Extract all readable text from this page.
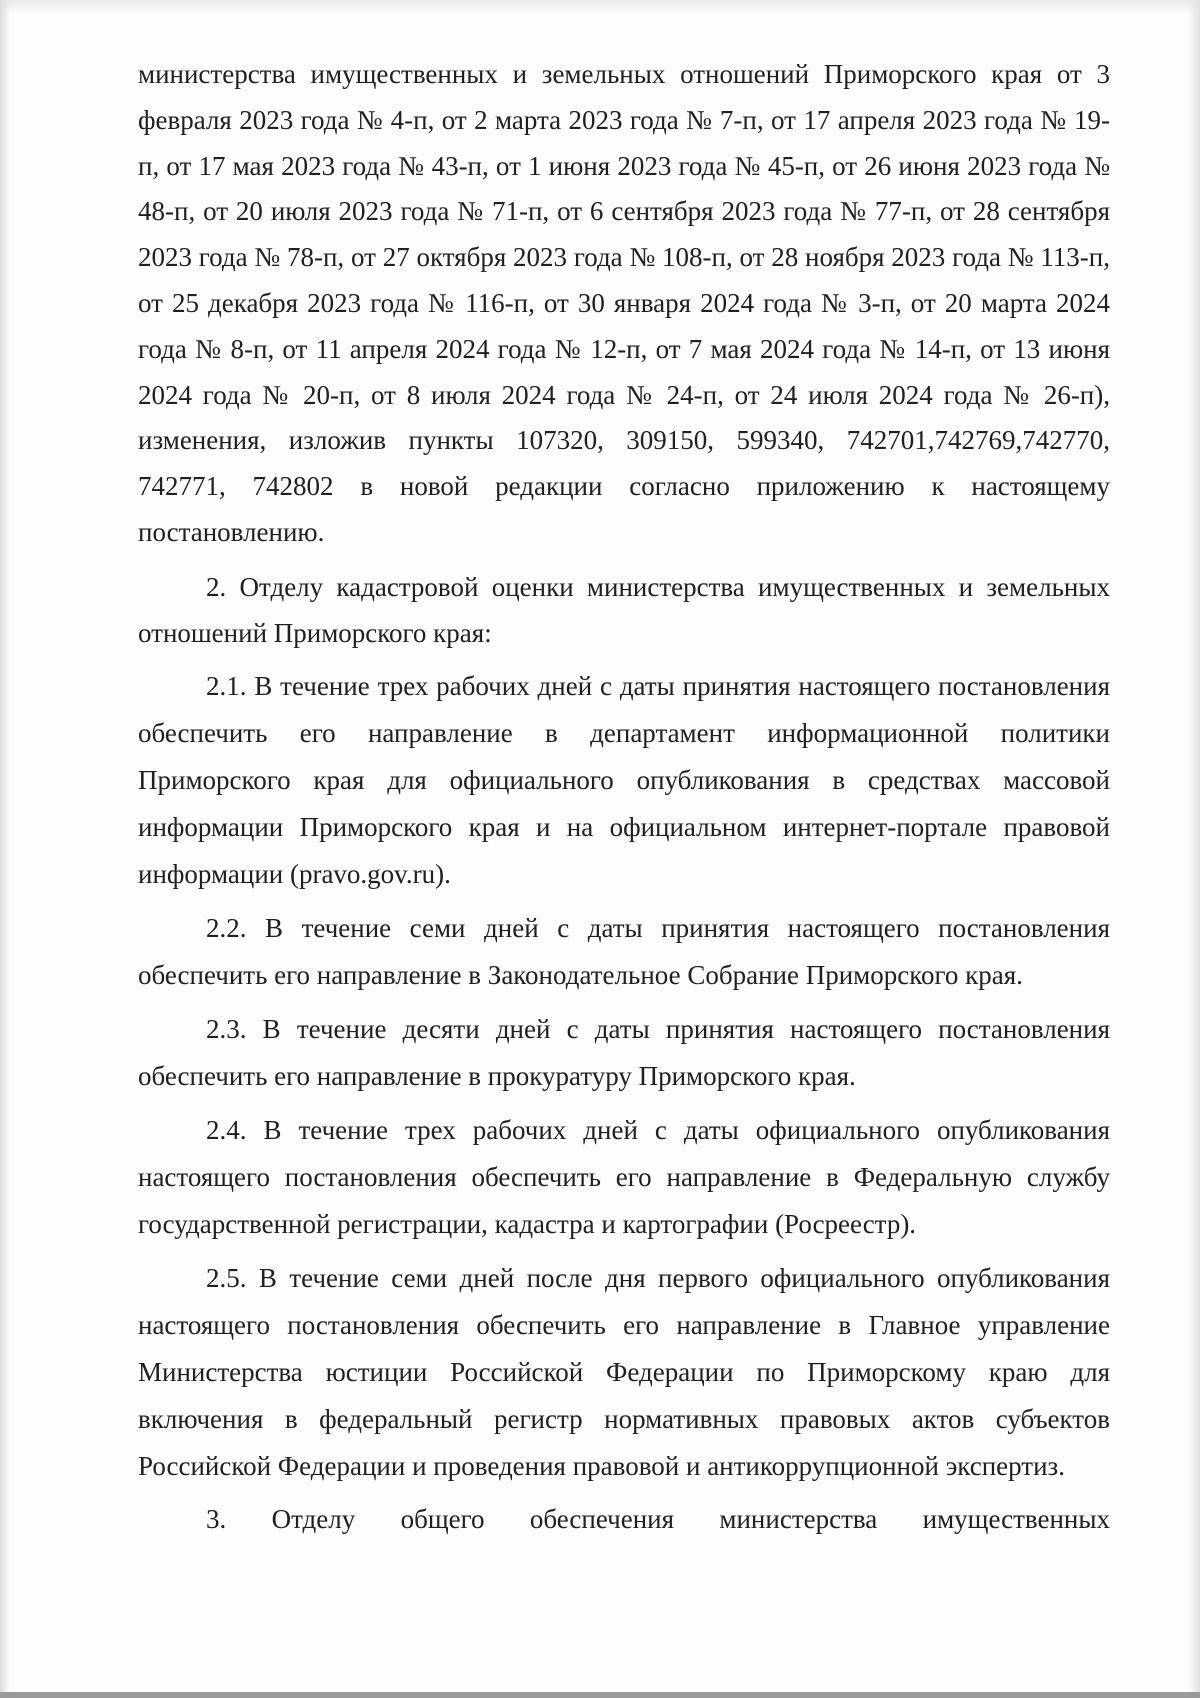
министерства имущественных и земельных отношений Приморского края от 3 февраля 2023 года № 4-п, от 2 марта 2023 года № 7-п, от 17 апреля 2023 года № 19-п, от 17 мая 2023 года № 43-п, от 1 июня 2023 года № 45-п, от 26 июня 2023 года № 48-п, от 20 июля 2023 года № 71-п, от 6 сентября 2023 года № 77-п, от 28 сентября 2023 года № 78-п, от 27 октября 2023 года № 108-п, от 28 ноября 2023 года № 113-п, от 25 декабря 2023 года № 116-п, от 30 января 2024 года № 3-п, от 20 марта 2024 года № 8-п, от 11 апреля 2024 года № 12-п, от 7 мая 2024 года № 14-п, от 13 июня 2024 года № 20-п, от 8 июля 2024 года № 24-п, от 24 июля 2024 года № 26-п), изменения, изложив пункты 107320, 309150, 599340, 742701,742769,742770, 742771, 742802 в новой редакции согласно приложению к настоящему постановлению.

2. Отделу кадастровой оценки министерства имущественных и земельных отношений Приморского края:

2.1. В течение трех рабочих дней с даты принятия настоящего постановления обеспечить его направление в департамент информационной политики Приморского края для официального опубликования в средствах массовой информации Приморского края и на официальном интернет-портале правовой информации (pravo.gov.ru).

2.2. В течение семи дней с даты принятия настоящего постановления обеспечить его направление в Законодательное Собрание Приморского края.

2.3. В течение десяти дней с даты принятия настоящего постановления обеспечить его направление в прокуратуру Приморского края.

2.4. В течение трех рабочих дней с даты официального опубликования настоящего постановления обеспечить его направление в Федеральную службу государственной регистрации, кадастра и картографии (Росреестр).

2.5. В течение семи дней после дня первого официального опубликования настоящего постановления обеспечить его направление в Главное управление Министерства юстиции Российской Федерации по Приморскому краю для включения в федеральный регистр нормативных правовых актов субъектов Российской Федерации и проведения правовой и антикоррупционной экспертиз.

3. Отделу общего обеспечения министерства имущественных
